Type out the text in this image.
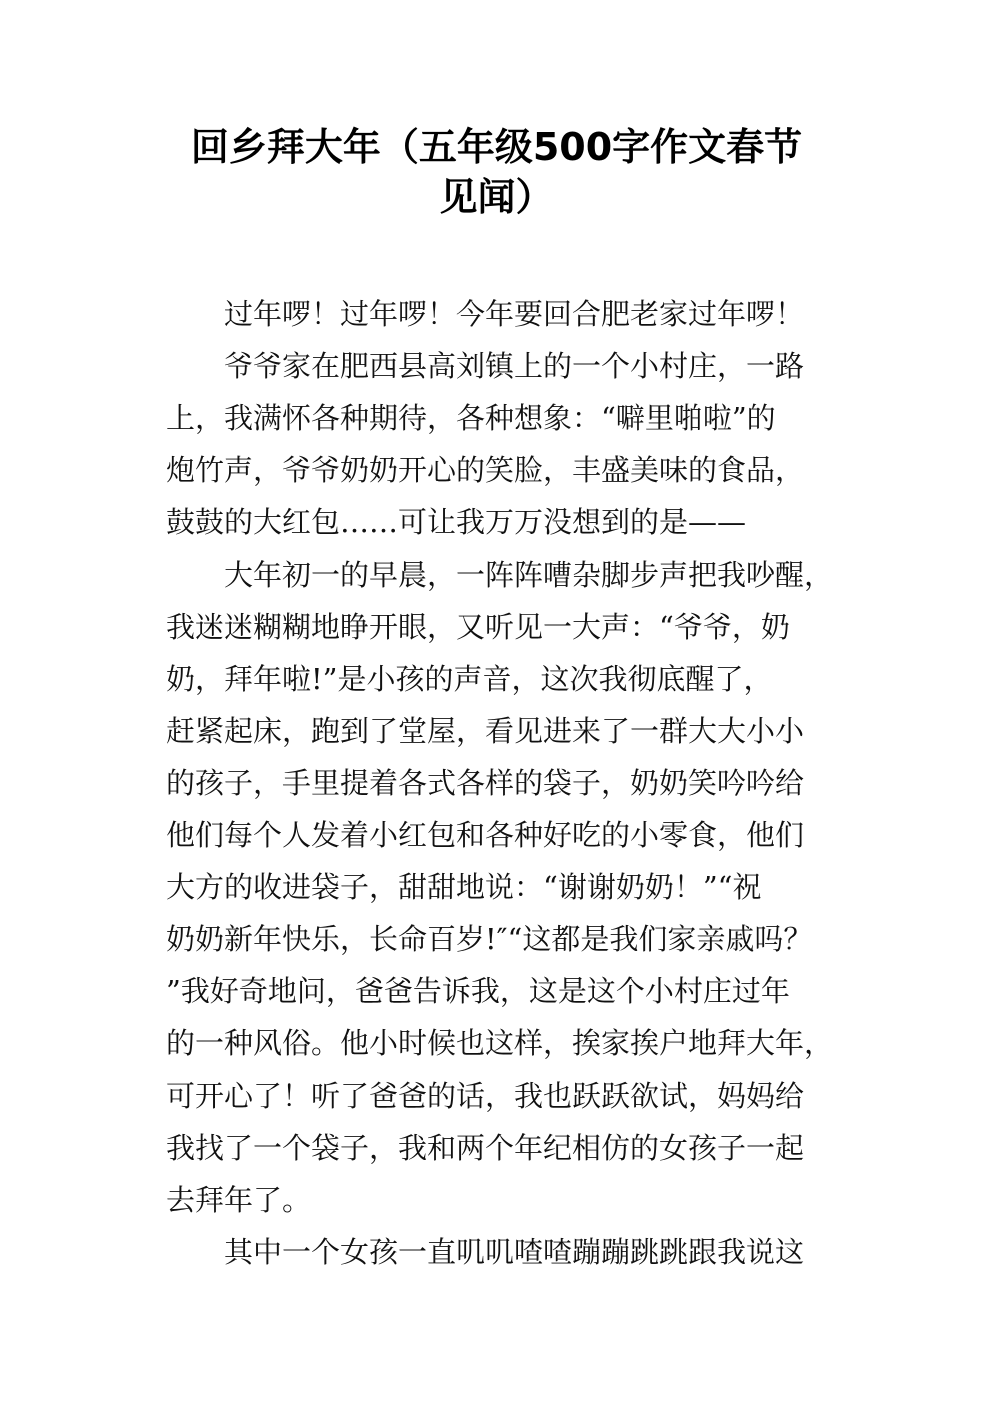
回乡拜大年（五年级500字作文春节
见闻）

过年啰！过年啰！今年要回合肥老家过年啰！

爷爷家在肥西县高刘镇上的一个小村庄，一路

上，我满怀各种期待，各种想象：“噼里啪啦”的

炮竹声，爷爷奶奶开心的笑脸，丰盛美味的食品，

鼓鼓的大红包……可让我万万没想到的是——

大年初一的早晨，一阵阵嘈杂脚步声把我吵醒，

我迷迷糊糊地睁开眼，又听见一大声：“爷爷，奶

奶，拜年啦!”是小孩的声音，这次我彻底醒了，

赶紧起床，跑到了堂屋，看见进来了一群大大小小

的孩子，手里提着各式各样的袋子，奶奶笑吟吟给

他们每个人发着小红包和各种好吃的小零食，他们

大方的收进袋子，甜甜地说：“谢谢奶奶！”“祝

奶奶新年快乐，长命百岁!″“这都是我们家亲戚吗？

”我好奇地问，爸爸告诉我，这是这个小村庄过年

的一种风俗。他小时候也这样，挨家挨户地拜大年，

可开心了！听了爸爸的话，我也跃跃欲试，妈妈给

我找了一个袋子，我和两个年纪相仿的女孩子一起

去拜年了。

其中一个女孩一直叽叽喳喳蹦蹦跳跳跟我说这
